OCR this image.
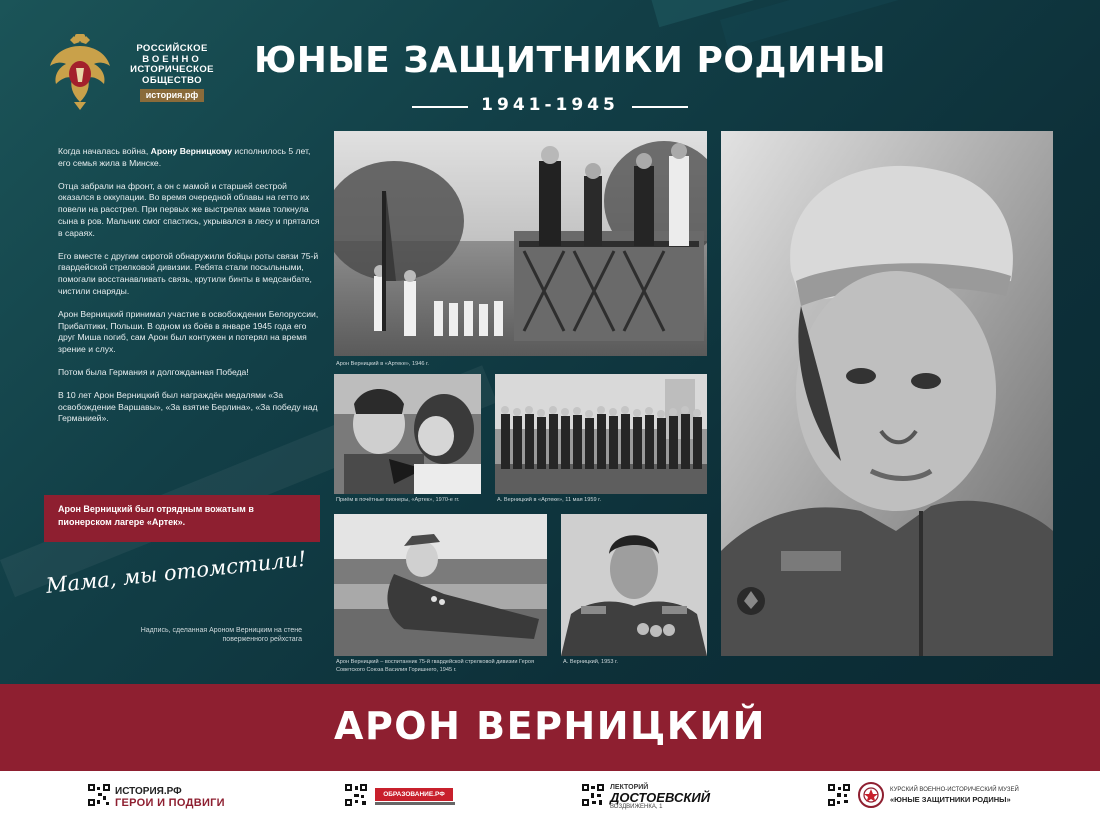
РОССИЙСКОЕ
ВОЕННО
ИСТОРИЧЕСКОЕ
ОБЩЕСТВО
история.рф
ЮНЫЕ ЗАЩИТНИКИ РОДИНЫ
1941-1945

Когда началась война, Арону Верницкому исполнилось 5 лет, его семья жила в Минске.

Отца забрали на фронт, а он с мамой и старшей сестрой оказался в оккупации. Во время очередной облавы на гетто их повели на расстрел. При первых же выстрелах мама толкнула сына в ров. Мальчик смог спастись, укрывался в лесу и прятался в сараях.

Его вместе с другим сиротой обнаружили бойцы роты связи 75-й гвардейской стрелковой дивизии. Ребята стали посыльными, помогали восстанавливать связь, крутили бинты в медсанбате, чистили снаряды.

Арон Верницкий принимал участие в освобождении Белоруссии, Прибалтики, Польши. В одном из боёв в январе 1945 года его друг Миша погиб, сам Арон был контужен и потерял на время зрение и слух.

Потом была Германия и долгожданная Победа!

В 10 лет Арон Верницкий был награждён медалями «За освобождение Варшавы», «За взятие Берлина», «За победу над Германией».

Арон Верницкий был отрядным вожатым в пионерском лагере «Артек».
Мама, мы отомстили!
Надпись, сделанная Ароном Верницким на стене поверженного рейхстага
Арон Верницкий в «Артеке», 1946 г.
Приём в почётные пионеры, «Артек», 1970-е гг.	А. Верницкий в «Артеке», 11 мая 1959 г.
Арон Верницкий – воспитанник 75-й гвардейской стрелковой дивизии Героя Советского Союза Василия Горишнего, 1945 г.
А. Верницкий, 1953 г.
АРОН ВЕРНИЦКИЙ
ИСТОРИЯ.РФ
ГЕРОИ И ПОДВИГИ
ОБРАЗОВАНИЕ.РФ
ЛЕКТОРИЙ
ДОСТОЕВСКИЙ
ВОЗДВИЖЕНКА, 1
КУРСКИЙ ВОЕННО-ИСТОРИЧЕСКИЙ МУЗЕЙ
«ЮНЫЕ ЗАЩИТНИКИ РОДИНЫ»
